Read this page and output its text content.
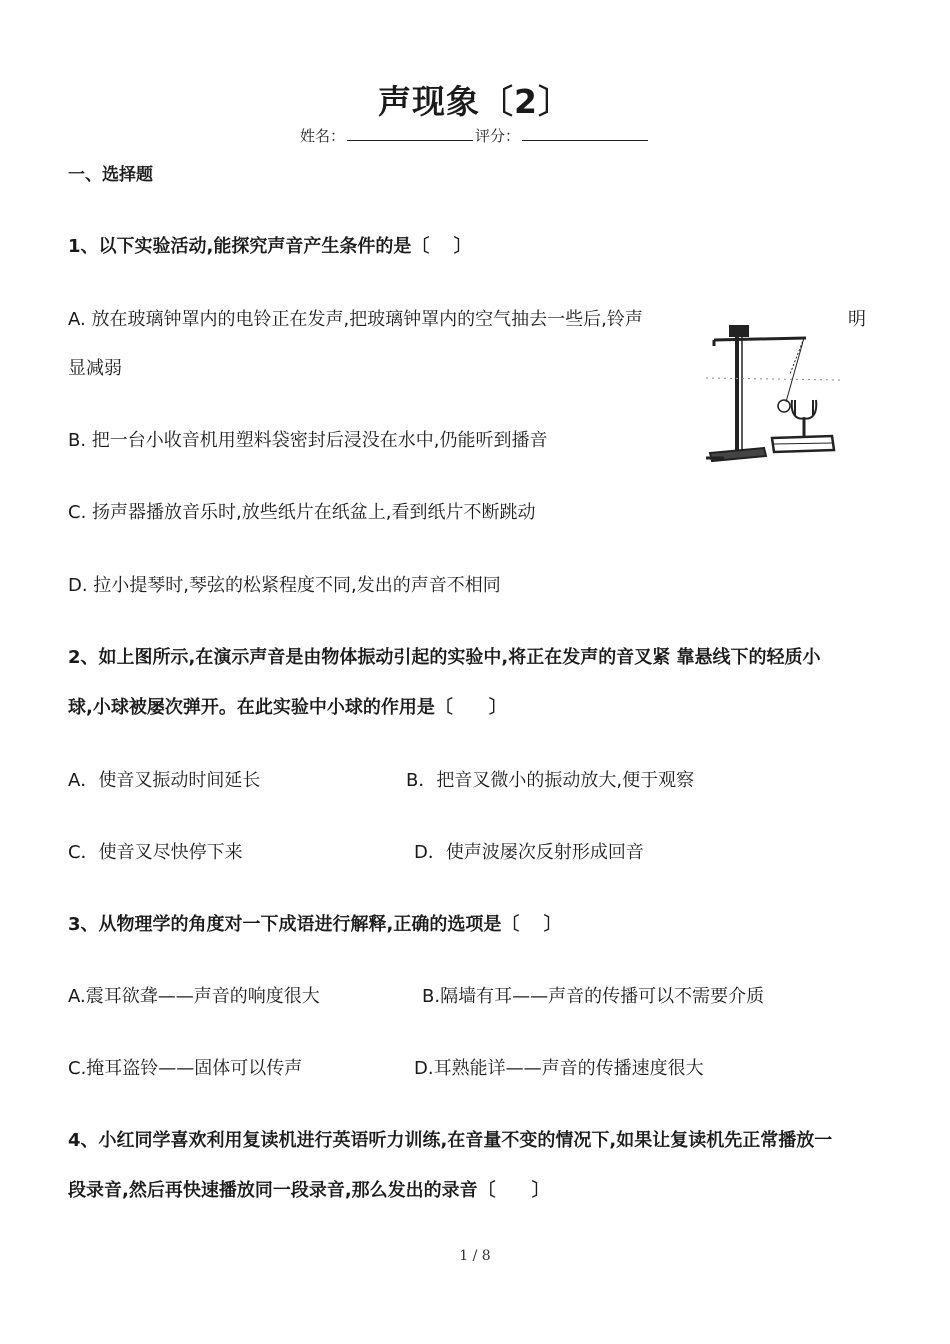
声现象〔2〕
姓名：	评分：
一、选择题
1、以下实验活动,能探究声音产生条件的是〔　 〕
A. 放在玻璃钟罩内的电铃正在发声,把玻璃钟罩内的空气抽去一些后,铃声	明
显减弱
B. 把一台小收音机用塑料袋密封后浸没在水中,仍能听到播音
C. 扬声器播放音乐时,放些纸片在纸盆上,看到纸片不断跳动
D. 拉小提琴时,琴弦的松紧程度不同,发出的声音不相同
2、如上图所示,在演示声音是由物体振动引起的实验中,将正在发声的音叉紧 靠悬线下的轻质小
球,小球被屡次弹开。在此实验中小球的作用是〔　　〕
A．使音叉振动时间延长	B．把音叉微小的振动放大,便于观察
C．使音叉尽快停下来	D．使声波屡次反射形成回音
3、从物理学的角度对一下成语进行解释,正确的选项是〔　 〕
A.震耳欲聋——声音的响度很大	B.隔墙有耳——声音的传播可以不需要介质
C.掩耳盗铃——固体可以传声	D.耳熟能详——声音的传播速度很大
4、小红同学喜欢利用复读机进行英语听力训练,在音量不变的情况下,如果让复读机先正常播放一
段录音,然后再快速播放同一段录音,那么发出的录音〔　　〕
1 / 8
